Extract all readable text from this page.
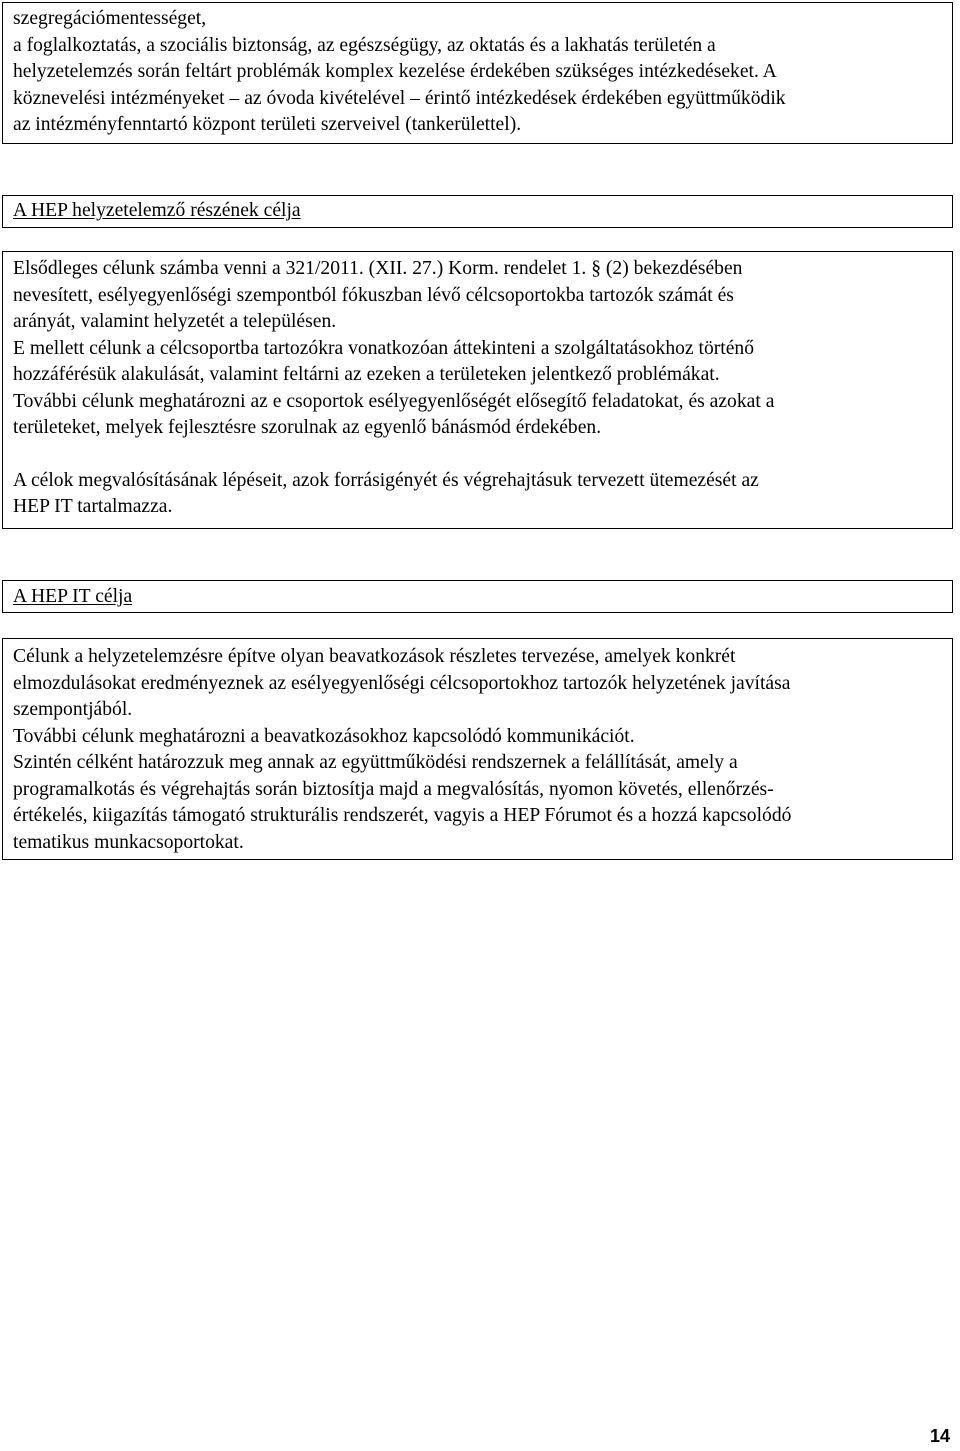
szegregációmentességet,
a foglalkoztatás, a szociális biztonság, az egészségügy, az oktatás és a lakhatás területén a
helyzetelemzés során feltárt problémák komplex kezelése érdekében szükséges intézkedéseket. A
köznevelési intézményeket – az óvoda kivételével – érintő intézkedések érdekében együttműködik
az intézményfenntartó központ területi szerveivel (tankerülettel).
A HEP helyzetelemző részének célja
Elsődleges célunk számba venni a 321/2011. (XII. 27.) Korm. rendelet 1. § (2) bekezdésében
nevesített, esélyegyenlőségi szempontból fókuszban lévő célcsoportokba tartozók számát és
arányát, valamint helyzetét a településen.
E mellett célunk a célcsoportba tartozókra vonatkozóan áttekinteni a szolgáltatásokhoz történő
hozzáférésük alakulását, valamint feltárni az ezeken a területeken jelentkező problémákat.
További célunk meghatározni az e csoportok esélyegyenlőségét elősegítő feladatokat, és azokat a
területeket, melyek fejlesztésre szorulnak az egyenlő bánásmód érdekében.
A célok megvalósításának lépéseit, azok forrásigényét és végrehajtásuk tervezett ütemezését az
HEP IT tartalmazza.
A HEP IT célja
Célunk a helyzetelemzésre építve olyan beavatkozások részletes tervezése, amelyek konkrét
elmozdulásokat eredményeznek az esélyegyenlőségi célcsoportokhoz tartozók helyzetének javítása
szempontjából.
További célunk meghatározni a beavatkozásokhoz kapcsolódó kommunikációt.
Szintén célként határozzuk meg annak az együttműködési rendszernek a felállítását, amely a
programalkotás és végrehajtás során biztosítja majd a megvalósítás, nyomon követés, ellenőrzés-
értékelés, kiigazítás támogató strukturális rendszerét, vagyis a HEP Fórumot és a hozzá kapcsolódó
tematikus munkacsoportokat.
14
